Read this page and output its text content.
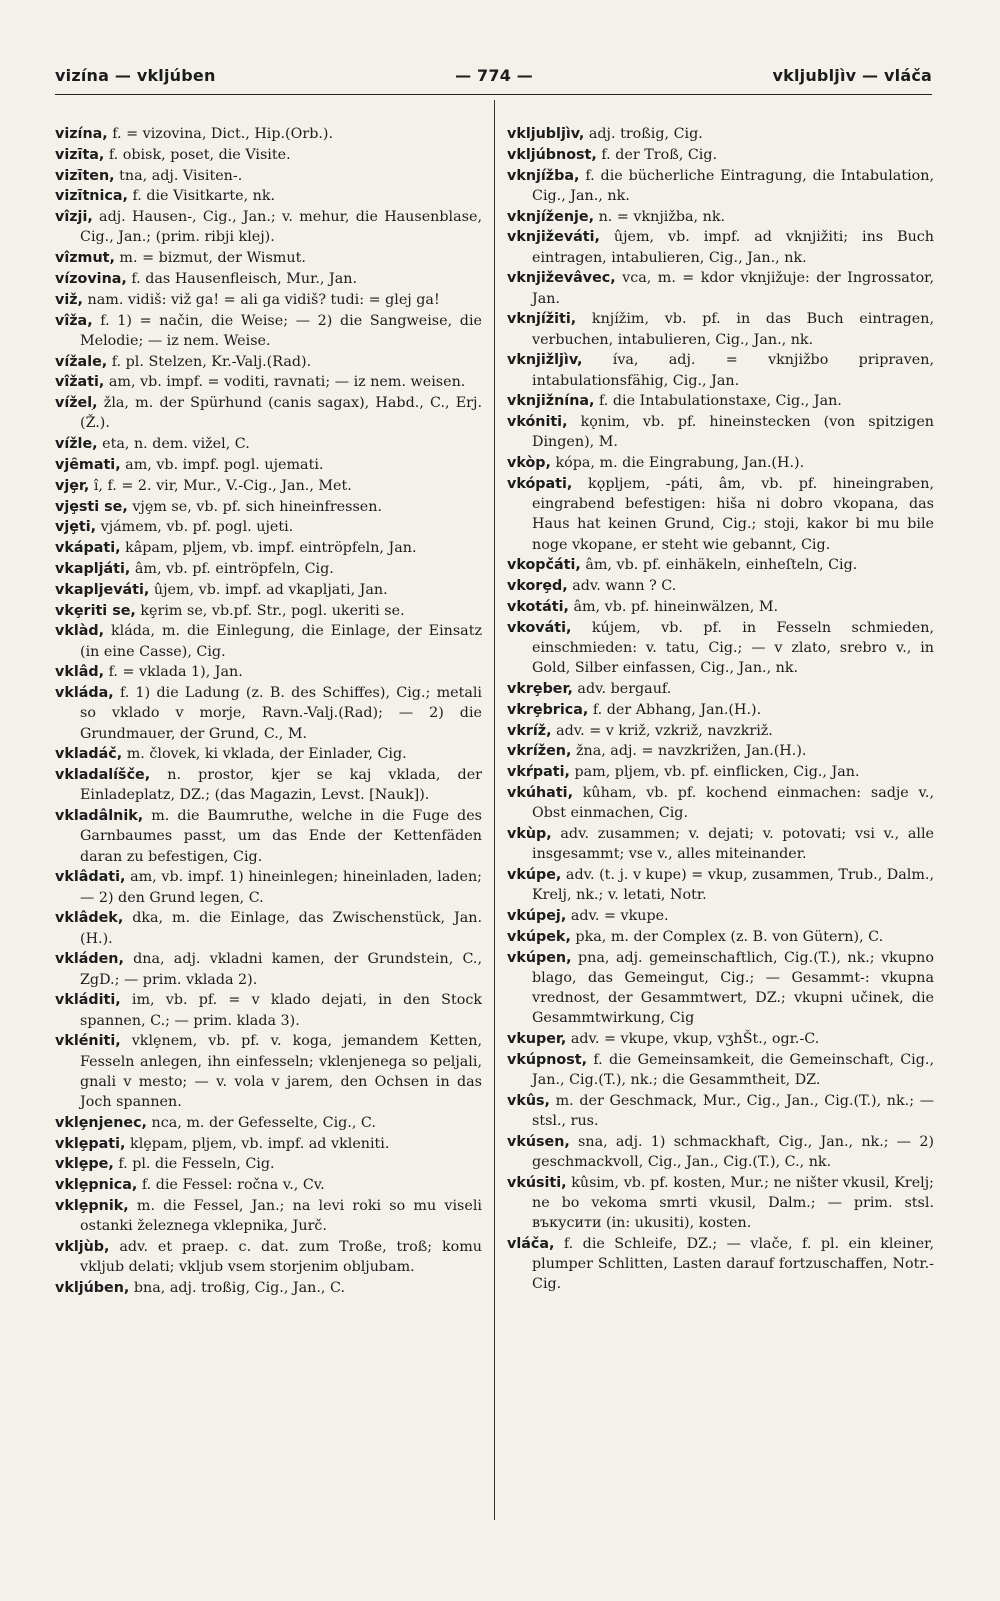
vizína — vkljúben	— 774 —	vkljubljìv — vláča

vizína, f. = vizovina, Dict., Hip.(Orb.).

vizīta, f. obisk, poset, die Visite.

vizīten, tna, adj. Visiten-.

vizītnica, f. die Visitkarte, nk.

vîzji, adj. Hausen-, Cig., Jan.; v. mehur, die Hausenblase, Cig., Jan.; (prim. ribji klej).

vîzmut, m. = bizmut, der Wismut.

vízovina, f. das Hausenfleisch, Mur., Jan.

viž, nam. vidiš: viž ga! = ali ga vidiš? tudi: = glej ga!

vîža, f. 1) = način, die Weise; — 2) die Sangweise, die Melodie; — iz nem. Weise.

vížale, f. pl. Stelzen, Kr.-Valj.(Rad).

vîžati, am, vb. impf. = voditi, ravnati; — iz nem. weisen.

víželׅ, žla, m. der Spürhund (canis sagax), Habd., C., Erj.(Ž.).

vížle, eta, n. dem. vižel, C.

vjȇmati, am, vb. impf. pogl. ujemati.

vjȩr, î, f. = 2. vir, Mur., V.-Cig., Jan., Met.

vjȩsti se, vjȩm se, vb. pf. sich hineinfressen.

vjȩti, vjámem, vb. pf. pogl. ujeti.

vkápati, kâpam, pljem, vb. impf. eintröpfeln, Jan.

vkapljáti, âm, vb. pf. eintröpfeln, Cig.

vkapljeváti, ûjem, vb. impf. ad vkapljati, Jan.

vkȩriti se, kȩrim se, vb.pf. Str., pogl. ukeriti se.

vklàd, kláda, m. die Einlegung, die Einlage, der Einsatz (in eine Casse), Cig.

vklâd, f. = vklada 1), Jan.

vkláda, f. 1) die Ladung (z. B. des Schiffes), Cig.; metali so vklado v morje, Ravn.-Valj.(Rad); — 2) die Grundmauer, der Grund, C., M.

vkladáč, m. človek, ki vklada, der Einlader, Cig.

vkladalíšče, n. prostor, kjer se kaj vklada, der Einladeplatz, DZ.; (das Magazin, Levst. [Nauk]).

vkladâlnik, m. die Baumruthe, welche in die Fuge des Garnbaumes passt, um das Ende der Kettenfäden daran zu befestigen, Cig.

vklâdati, am, vb. impf. 1) hineinlegen; hineinladen, laden; — 2) den Grund legen, C.

vklâdek, dka, m. die Einlage, das Zwischenstück, Jan.(H.).

vkláden, dna, adj. vkladni kamen, der Grundstein, C., ZgD.; — prim. vklada 2).

vkláditi, im, vb. pf. = v klado dejati, in den Stock spannen, C.; — prim. klada 3).

vkléniti, vklȩnem, vb. pf. v. koga, jemandem Ketten, Fesseln anlegen, ihn einfesseln; vklenjenega so peljali, gnali v mesto; — v. vola v jarem, den Ochsen in das Joch spannen.

vklȩnjenec, nca, m. der Gefesselte, Cig., C.

vklȩpati, klȩpam, pljem, vb. impf. ad vkleniti.

vklȩpe, f. pl. die Fesseln, Cig.

vklȩpnica, f. die Fessel: ročna v., Cv.

vklȩpnik, m. die Fessel, Jan.; na levi roki so mu viseli ostanki železnega vklepnika, Jurč.

vkljùb, adv. et praep. c. dat. zum Troße, troß; komu vkljub delati; vkljub vsem storjenim obljubam.

vkljúben, bna, adj. troßig, Cig., Jan., C.

vkljubljìv, adj. troßig, Cig.

vkljúbnost, f. der Troß, Cig.

vknjížba, f. die bücherliche Eintragung, die Intabulation, Cig., Jan., nk.

vknjíženje, n. = vknjižba, nk.

vknjiževáti, ûjem, vb. impf. ad vknjižiti; ins Buch eintragen, intabulieren, Cig., Jan., nk.

vknjiževâvec, vca, m. = kdor vknjižuje: der Ingrossator, Jan.

vknjížiti, knjížim, vb. pf. in das Buch eintragen, verbuchen, intabulieren, Cig., Jan., nk.

vknjižljìv, íva, adj. = vknjižbo pripraven, intabulationsfähig, Cig., Jan.

vknjižnína, f. die Intabulationstaxe, Cig., Jan.

vkóniti, kǫnim, vb. pf. hineinstecken (von spitzigen Dingen), M.

vkòp, kópa, m. die Eingrabung, Jan.(H.).

vkópati, kǫpljem, -páti, âm, vb. pf. hineingraben, eingrabend befestigen: hiša ni dobro vkopana, das Haus hat keinen Grund, Cig.; stoji, kakor bi mu bile noge vkopane, er steht wie gebannt, Cig.

vkopčáti, âm, vb. pf. einhäkeln, einheſteln, Cig.

vkorȩd, adv. wann ? C.

vkotáti, âm, vb. pf. hineinwälzen, M.

vkováti, kújem, vb. pf. in Fesseln schmieden, einschmieden: v. tatu, Cig.; — v zlato, srebro v., in Gold, Silber einfassen, Cig., Jan., nk.

vkrȩber, adv. bergauf.

vkrȩbrica, f. der Abhang, Jan.(H.).

vkríž, adv. = v križ, vzkriž, navzkriž.

vkrížen, žna, adj. = navzkrižen, Jan.(H.).

vkŕpati, pam, pljem, vb. pf. einflicken, Cig., Jan.

vkúhati, kûham, vb. pf. kochend einmachen: sadje v., Obst einmachen, Cig.

vkùp, adv. zusammen; v. dejati; v. potovati; vsi v., alle insgesammt; vse v., alles miteinander.

vkúpe, adv. (t. j. v kupe) = vkup, zusammen, Trub., Dalm., Krelj, nk.; v. letati, Notr.

vkúpej, adv. = vkupe.

vkúpek, pka, m. der Complex (z. B. von Gütern), C.

vkúpen, pna, adj. gemeinschaftlich, Cig.(T.), nk.; vkupno blago, das Gemeingut, Cig.; — Gesammt-: vkupna vrednost, der Gesammtwert, DZ.; vkupni učinek, die Gesammtwirkung, Cig

vkuper, adv. = vkupe, vkup, vʒhŠt., ogr.-C.

vkúpnost, f. die Gemeinsamkeit, die Gemeinschaft, Cig., Jan., Cig.(T.), nk.; die Gesammtheit, DZ.

vkûs, m. der Geschmack, Mur., Cig., Jan., Cig.(T.), nk.; — stsl., rus.

vkúsen, sna, adj. 1) schmackhaft, Cig., Jan., nk.; — 2) geschmackvoll, Cig., Jan., Cig.(T.), C., nk.

vkúsiti, kûsim, vb. pf. kosten, Mur.; ne ništer vkusil, Krelj; ne bo vekoma smrti vkusil, Dalm.; — prim. stsl. въкусити (in: ukusiti), kosten.

vláča, f. die Schleife, DZ.; — vlače, f. pl. ein kleiner, plumper Schlitten, Lasten darauf fortzuschaffen, Notr.-Cig.
